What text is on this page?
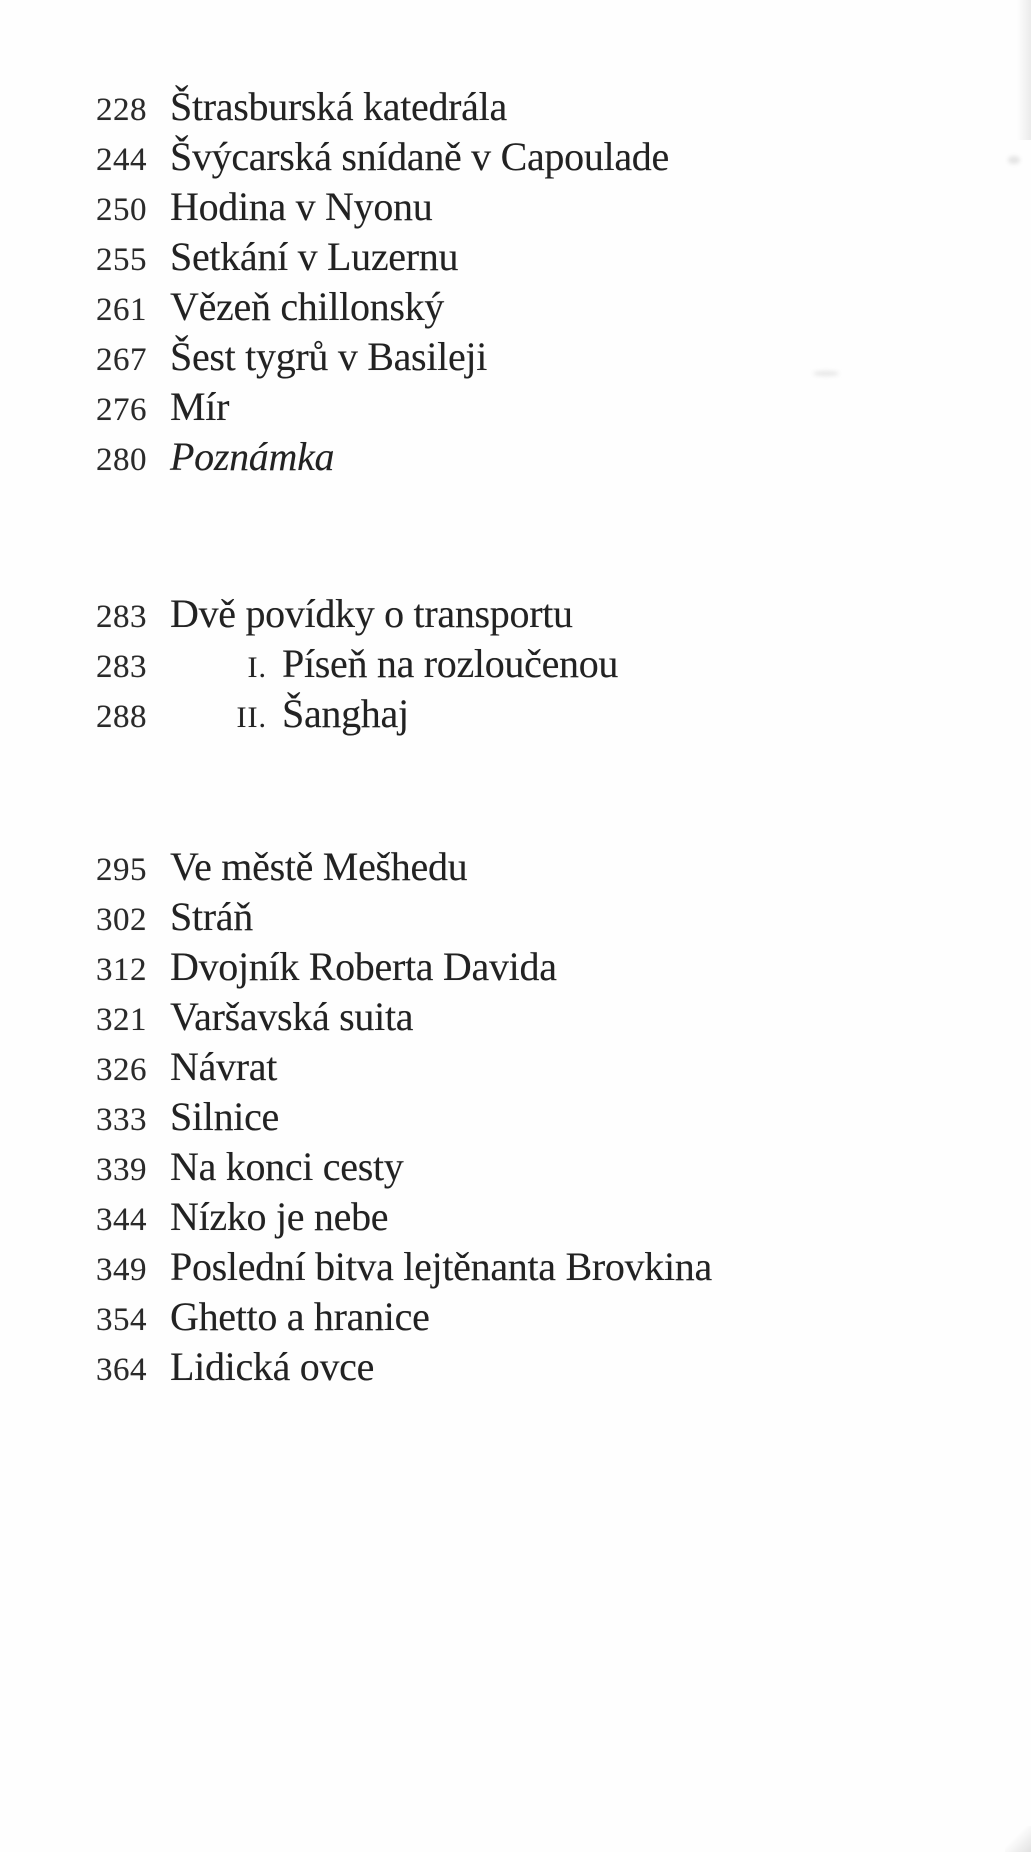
228 Štrasburská katedrála
244 Švýcarská snídaně v Capoulade
250 Hodina v Nyonu
255 Setkání v Luzernu
261 Vězeň chillonský
267 Šest tygrů v Basileji
276 Mír
280 Poznámka
283 Dvě povídky o transportu
283	I. Píseň na rozloučenou
288	II. Šanghaj
295 Ve městě Mešhedu
302 Stráň
312 Dvojník Roberta Davida
321 Varšavská suita
326 Návrat
333 Silnice
339 Na konci cesty
344 Nízko je nebe
349 Poslední bitva lejtěnanta Brovkina
354 Ghetto a hranice
364 Lidická ovce
